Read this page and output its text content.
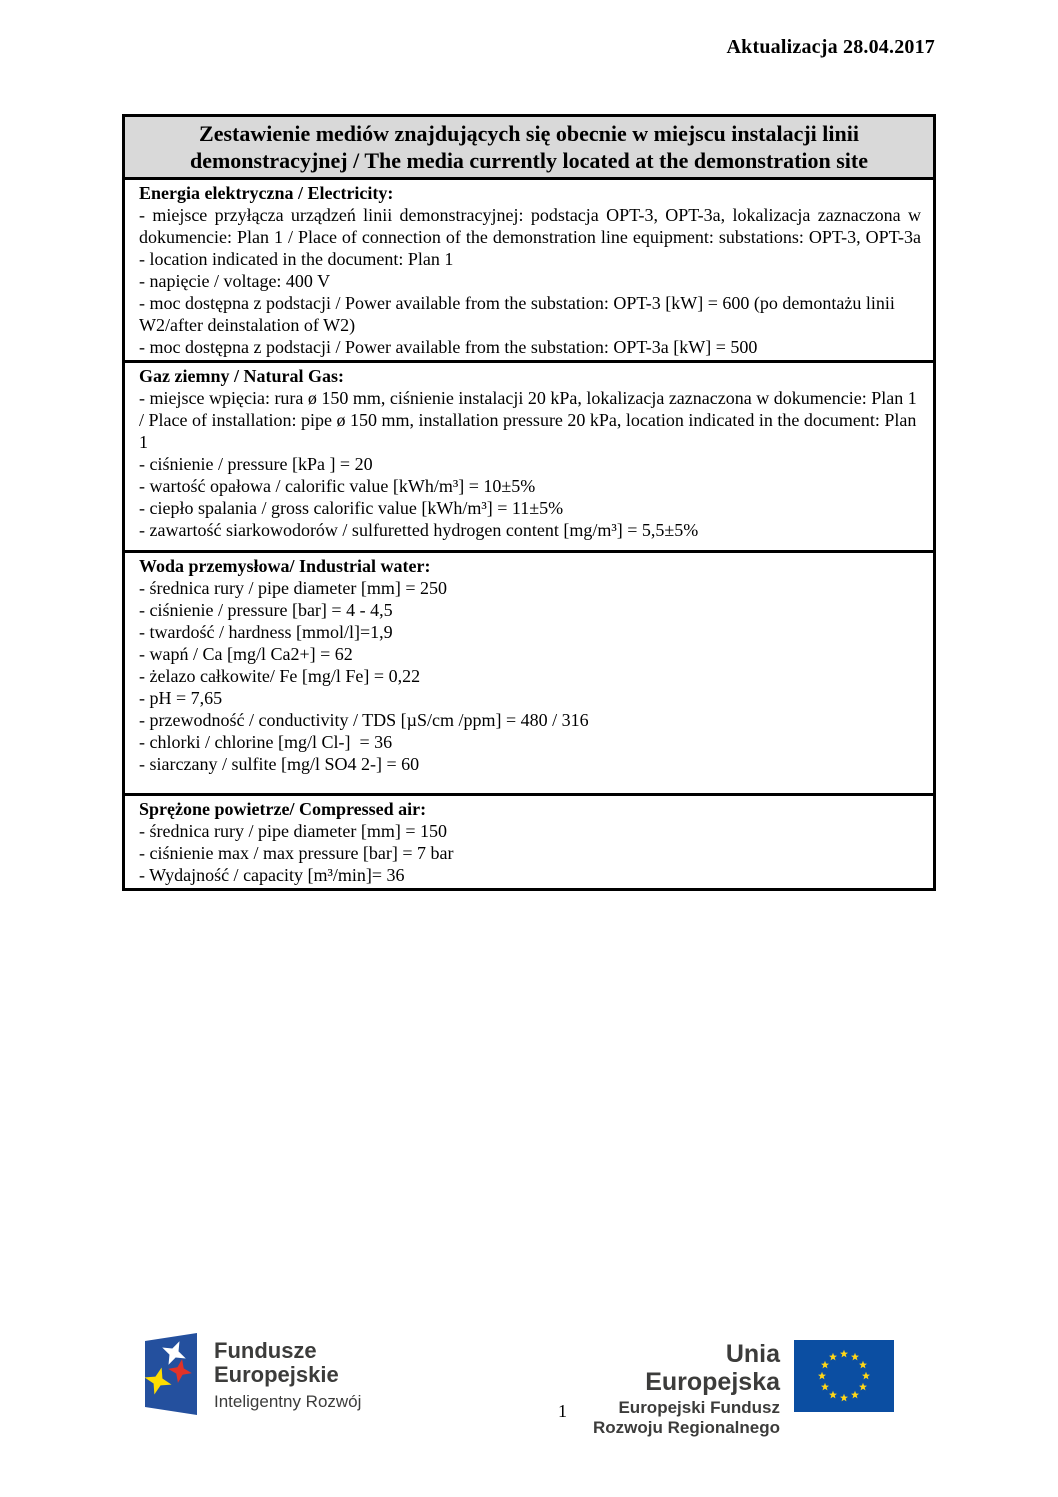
Aktualizacja 28.04.2017
Zestawienie mediów znajdujących się obecnie w miejscu instalacji linii demonstracyjnej / The media currently located at the demonstration site

Energia elektryczna / Electricity:
- miejsce przyłącza urządzeń linii demonstracyjnej: podstacja OPT-3, OPT-3a, lokalizacja zaznaczona w dokumencie: Plan 1 / Place of connection of the demonstration line equipment: substations: OPT-3, OPT-3a - location indicated in the document: Plan 1
- napięcie / voltage: 400 V
- moc dostępna z podstacji / Power available from the substation: OPT-3 [kW] = 600 (po demontażu linii W2/after deinstalation of W2)
- moc dostępna z podstacji / Power available from the substation: OPT-3a [kW] = 500

Gaz ziemny / Natural Gas:
- miejsce wpięcia: rura ø 150 mm, ciśnienie instalacji 20 kPa, lokalizacja zaznaczona w dokumencie: Plan 1 / Place of installation: pipe ø 150 mm, installation pressure 20 kPa, location indicated in the document: Plan 1
- ciśnienie / pressure [kPa ] = 20
- wartość opałowa / calorific value [kWh/m³] = 10±5%
- ciepło spalania / gross calorific value [kWh/m³] = 11±5%
- zawartość siarkowodorów / sulfuretted hydrogen content [mg/m³] = 5,5±5%

Woda przemysłowa/ Industrial water:
- średnica rury / pipe diameter [mm] = 250
- ciśnienie / pressure [bar] = 4 - 4,5
- twardość / hardness [mmol/l]=1,9
- wapń / Ca [mg/l Ca2+] = 62
- żelazo całkowite/ Fe [mg/l Fe] = 0,22
- pH = 7,65
- przewodność / conductivity / TDS [µS/cm /ppm] = 480 / 316
- chlorki / chlorine [mg/l Cl-]  = 36
- siarczany / sulfite [mg/l SO4 2-] = 60

Sprężone powietrze/ Compressed air:
- średnica rury / pipe diameter [mm] = 150
- ciśnienie max / max pressure [bar] = 7 bar
- Wydajność / capacity [m³/min]= 36
Fundusze
Europejskie
Inteligentny Rozwój
Unia Europejska
Europejski Fundusz
Rozwoju Regionalnego
1
